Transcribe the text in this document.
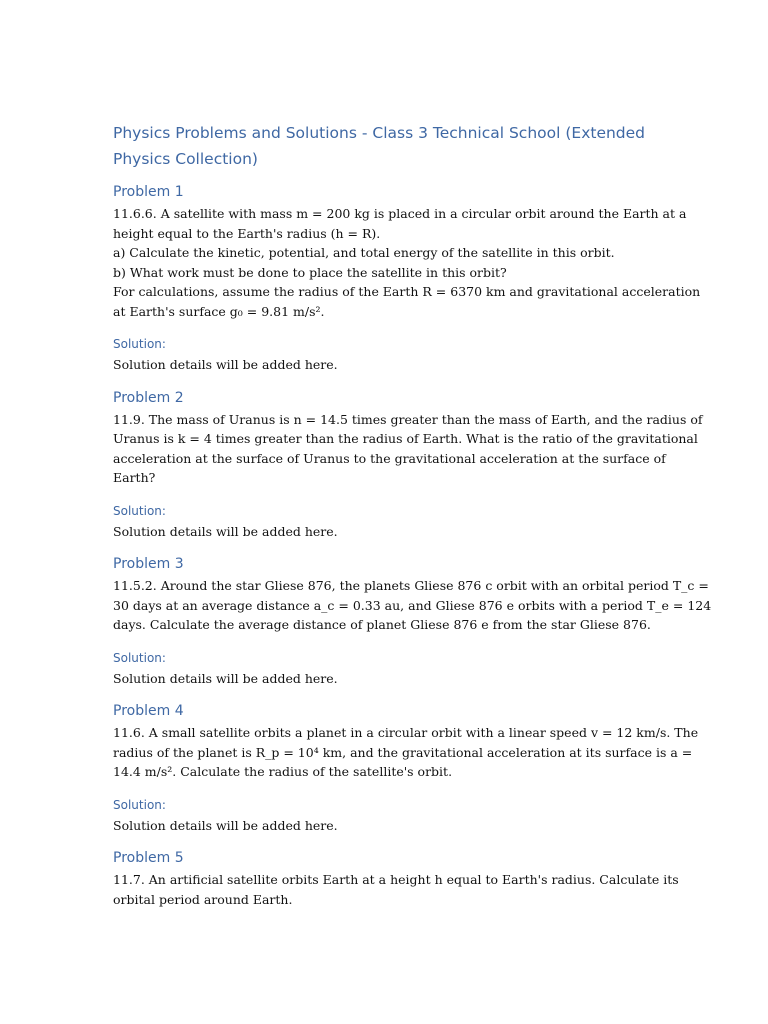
Physics Problems and Solutions - Class 3 Technical School (Extended
Physics Collection)
Problem 1
11.6.6. A satellite with mass m = 200 kg is placed in a circular orbit around the Earth at a
height equal to the Earth's radius (h = R).
a) Calculate the kinetic, potential, and total energy of the satellite in this orbit.
b) What work must be done to place the satellite in this orbit?
For calculations, assume the radius of the Earth R = 6370 km and gravitational acceleration
at Earth's surface g₀ = 9.81 m/s².
Solution:
Solution details will be added here.
Problem 2
11.9. The mass of Uranus is n = 14.5 times greater than the mass of Earth, and the radius of
Uranus is k = 4 times greater than the radius of Earth. What is the ratio of the gravitational
acceleration at the surface of Uranus to the gravitational acceleration at the surface of
Earth?
Solution:
Solution details will be added here.
Problem 3
11.5.2. Around the star Gliese 876, the planets Gliese 876 c orbit with an orbital period T_c =
30 days at an average distance a_c = 0.33 au, and Gliese 876 e orbits with a period T_e = 124
days. Calculate the average distance of planet Gliese 876 e from the star Gliese 876.
Solution:
Solution details will be added here.
Problem 4
11.6. A small satellite orbits a planet in a circular orbit with a linear speed v = 12 km/s. The
radius of the planet is R_p = 10⁴ km, and the gravitational acceleration at its surface is a =
14.4 m/s². Calculate the radius of the satellite's orbit.
Solution:
Solution details will be added here.
Problem 5
11.7. An artificial satellite orbits Earth at a height h equal to Earth's radius. Calculate its
orbital period around Earth.
